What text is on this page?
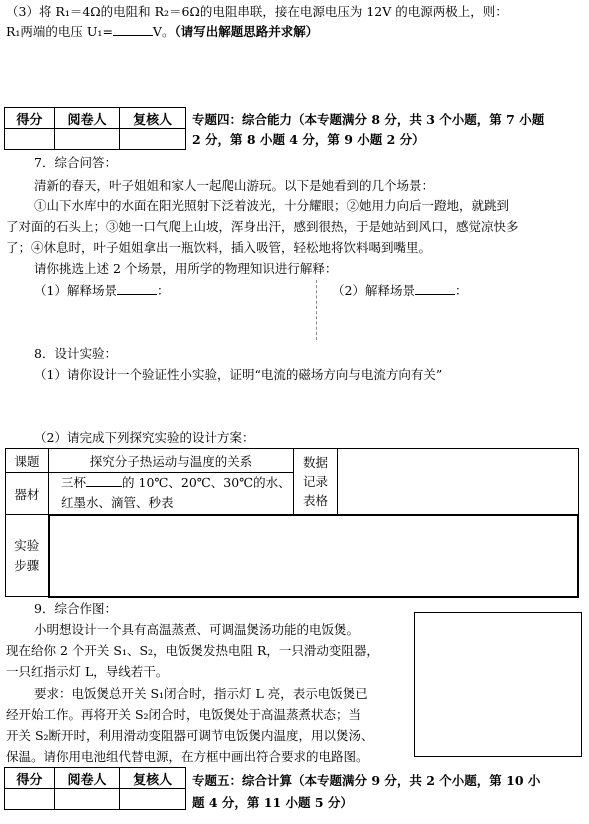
（3）将 R₁＝4Ω的电阻和 R₂＝6Ω的电阻串联，接在电源电压为 12V 的电源两极上，则：
R₁两端的电压 U₁=	V。（请写出解题思路并求解）
得分	阅卷人	复核人
		专题四：综合能力（本专题满分 8 分，共 3 个小题，第 7 小题
2 分，第 8 小题 4 分，第 9 小题 2 分）
7．综合问答：
清新的春天，叶子姐姐和家人一起爬山游玩。以下是她看到的几个场景：
①山下水库中的水面在阳光照射下泛着波光，十分耀眼；②她用力向后一蹬地，就跳到
了对面的石头上；③她一口气爬上山坡，浑身出汗，感到很热，于是她站到风口，感觉凉快多
了；④休息时，叶子姐姐拿出一瓶饮料，插入吸管，轻松地将饮料喝到嘴里。
请你挑选上述 2 个场景，用所学的物理知识进行解释：
（1）解释场景	：	（2）解释场景	：
8．设计实验：
（1）请你设计一个验证性小实验，证明“电流的磁场方向与电流方向有关”
（2）请完成下列探究实验的设计方案：
课题	探究分子热运动与温度的关系	数据
记录
表格	
器材	三杯 的 10℃、20℃、30℃的水、
红墨水、滴管、秒表		
实验
步骤			
9．综合作图：
小明想设计一个具有高温蒸煮、可调温煲汤功能的电饭煲。
现在给你 2 个开关 S₁、S₂，电饭煲发热电阻 R，一只滑动变阻器，
一只红指示灯 L，导线若干。
要求：电饭煲总开关 S₁闭合时，指示灯 L 亮，表示电饭煲已
经开始工作。再将开关 S₂闭合时，电饭煲处于高温蒸煮状态；当
开关 S₂断开时，利用滑动变阻器可调节电饭煲内温度，用以煲汤、
保温。请你用电池组代替电源，在方框中画出符合要求的电路图。
得分	阅卷人	复核人
		专题五：综合计算（本专题满分 9 分，共 2 个小题，第 10 小
题 4 分，第 11 小题 5 分）
